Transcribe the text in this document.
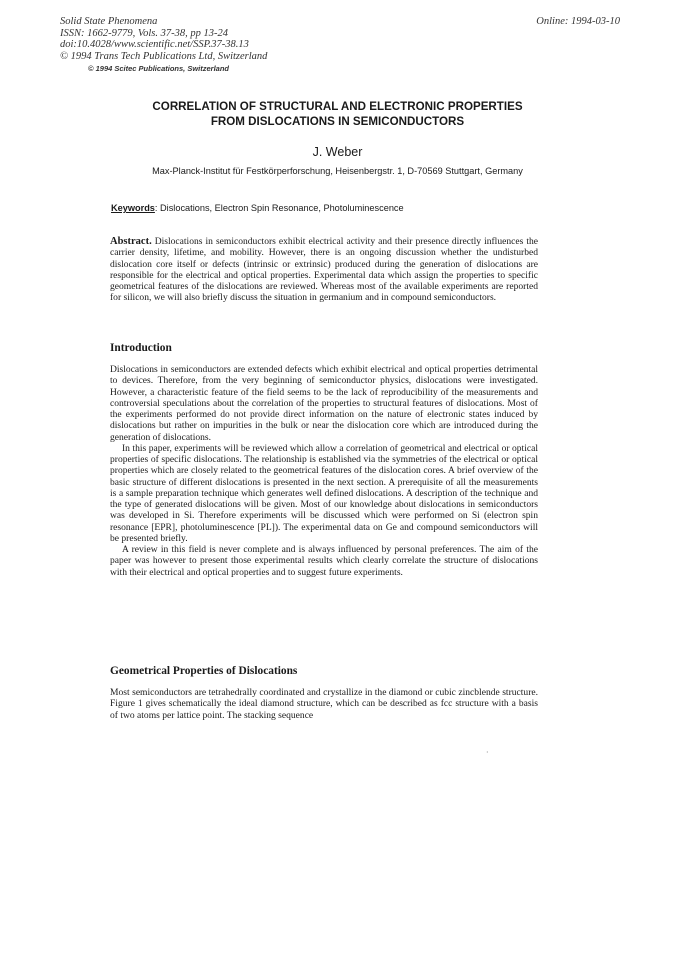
Solid State Phenomena
ISSN: 1662-9779, Vols. 37-38, pp 13-24
doi:10.4028/www.scientific.net/SSP.37-38.13
© 1994 Trans Tech Publications Ltd, Switzerland
© 1994 Scitec Publications, Switzerland
Online: 1994-03-10
CORRELATION OF STRUCTURAL AND ELECTRONIC PROPERTIES
FROM DISLOCATIONS IN SEMICONDUCTORS
J. Weber
Max-Planck-Institut für Festkörperforschung, Heisenbergstr. 1, D-70569 Stuttgart, Germany
Keywords: Dislocations, Electron Spin Resonance, Photoluminescence

Abstract. Dislocations in semiconductors exhibit electrical activity and their presence directly influences the carrier density, lifetime, and mobility. However, there is an ongoing discussion whether the undisturbed dislocation core itself or defects (intrinsic or extrinsic) produced during the generation of dislocations are responsible for the electrical and optical properties. Experimental data which assign the properties to specific geometrical features of the dislocations are reviewed. Whereas most of the available experiments are reported for silicon, we will also briefly discuss the situation in germanium and in compound semiconductors.

Introduction

Dislocations in semiconductors are extended defects which exhibit electrical and optical properties detrimental to devices. Therefore, from the very beginning of semiconductor physics, dislocations were investigated. However, a characteristic feature of the field seems to be the lack of reproducibility of the measurements and controversial speculations about the correlation of the properties to structural features of dislocations. Most of the experiments performed do not provide direct information on the nature of electronic states induced by dislocations but rather on impurities in the bulk or near the dislocation core which are introduced during the generation of dislocations.

In this paper, experiments will be reviewed which allow a correlation of geometrical and electrical or optical properties of specific dislocations. The relationship is established via the symmetries of the electrical or optical properties which are closely related to the geometrical features of the dislocation cores. A brief overview of the basic structure of different dislocations is presented in the next section. A prerequisite of all the measurements is a sample preparation technique which generates well defined dislocations. A description of the technique and the type of generated dislocations will be given. Most of our knowledge about dislocations in semiconductors was developed in Si. Therefore experiments will be discussed which were performed on Si (electron spin resonance [EPR], photoluminescence [PL]). The experimental data on Ge and compound semiconductors will be presented briefly.

A review in this field is never complete and is always influenced by personal preferences. The aim of the paper was however to present those experimental results which clearly correlate the structure of dislocations with their electrical and optical properties and to suggest future experiments.

Geometrical Properties of Dislocations

Most semiconductors are tetrahedrally coordinated and crystallize in the diamond or cubic zincblende structure. Figure 1 gives schematically the ideal diamond structure, which can be described as fcc structure with a basis of two atoms per lattice point. The stacking sequence

·
